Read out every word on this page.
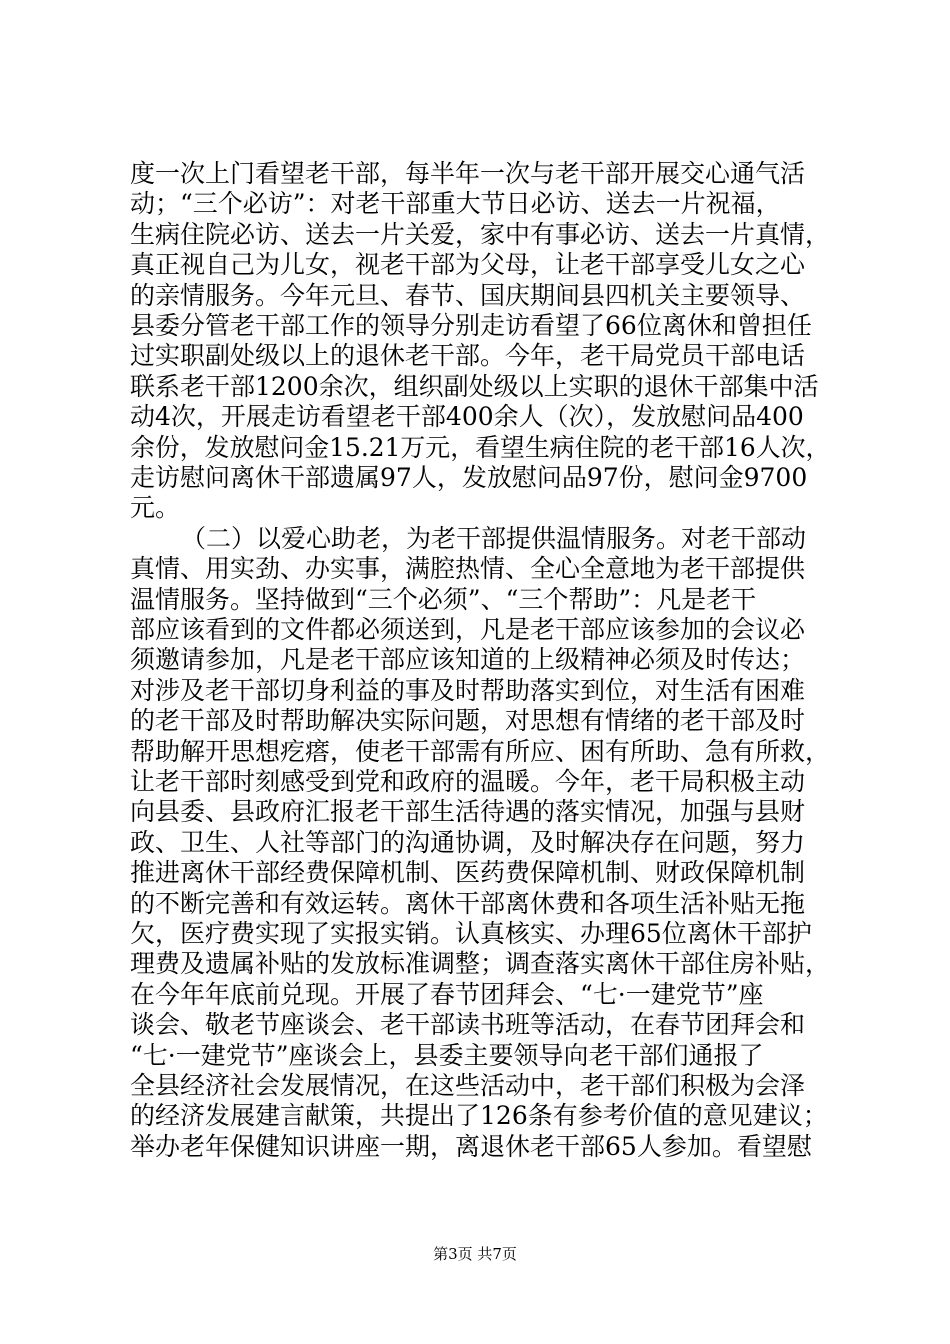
度一次上门看望老干部，每半年一次与老干部开展交心通气活
动；“三个必访”：对老干部重大节日必访、送去一片祝福，
生病住院必访、送去一片关爱，家中有事必访、送去一片真情，
真正视自己为儿女，视老干部为父母，让老干部享受儿女之心
的亲情服务。今年元旦、春节、国庆期间县四机关主要领导、
县委分管老干部工作的领导分别走访看望了66位离休和曾担任
过实职副处级以上的退休老干部。今年，老干局党员干部电话
联系老干部1200余次，组织副处级以上实职的退休干部集中活
动4次，开展走访看望老干部400余人（次），发放慰问品400
余份，发放慰问金15.21万元，看望生病住院的老干部16人次，
走访慰问离休干部遗属97人，发放慰问品97份，慰问金9700
元。
（二）以爱心助老，为老干部提供温情服务。对老干部动
真情、用实劲、办实事，满腔热情、全心全意地为老干部提供
温情服务。坚持做到“三个必须”、“三个帮助”：凡是老干
部应该看到的文件都必须送到，凡是老干部应该参加的会议必
须邀请参加，凡是老干部应该知道的上级精神必须及时传达；
对涉及老干部切身利益的事及时帮助落实到位，对生活有困难
的老干部及时帮助解决实际问题，对思想有情绪的老干部及时
帮助解开思想疙瘩，使老干部需有所应、困有所助、急有所救，
让老干部时刻感受到党和政府的温暖。今年，老干局积极主动
向县委、县政府汇报老干部生活待遇的落实情况，加强与县财
政、卫生、人社等部门的沟通协调，及时解决存在问题，努力
推进离休干部经费保障机制、医药费保障机制、财政保障机制
的不断完善和有效运转。离休干部离休费和各项生活补贴无拖
欠，医疗费实现了实报实销。认真核实、办理65位离休干部护
理费及遗属补贴的发放标准调整；调查落实离休干部住房补贴，
在今年年底前兑现。开展了春节团拜会、“七·一建党节”座
谈会、敬老节座谈会、老干部读书班等活动，在春节团拜会和
“七·一建党节”座谈会上，县委主要领导向老干部们通报了
全县经济社会发展情况，在这些活动中，老干部们积极为会泽
的经济发展建言献策，共提出了126条有参考价值的意见建议；
举办老年保健知识讲座一期，离退休老干部65人参加。看望慰
第3页 共7页
